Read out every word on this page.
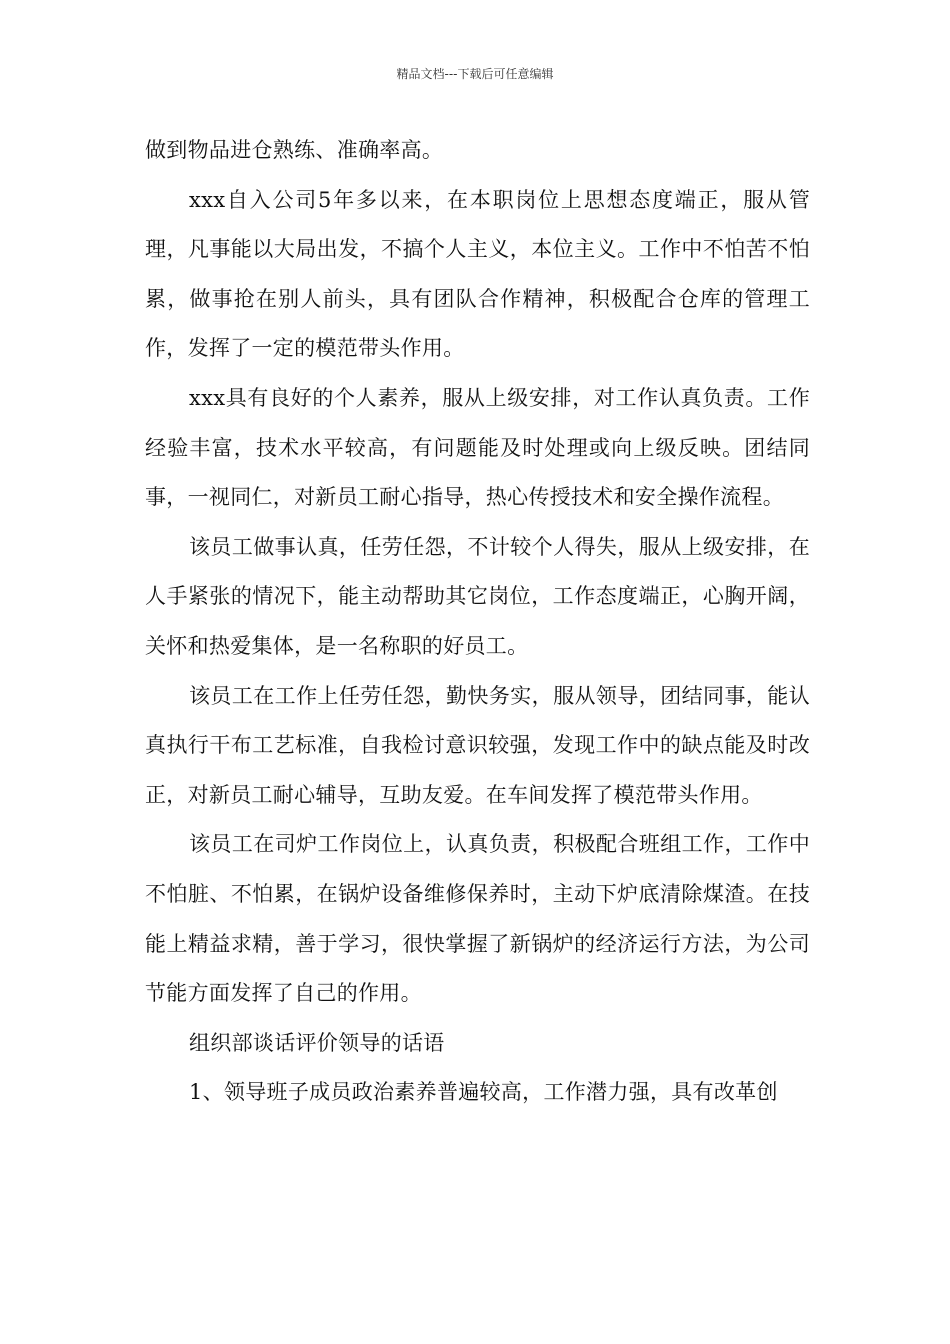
精品文档---下载后可任意编辑

做到物品进仓熟练、准确率高。

xxx自入公司5年多以来，在本职岗位上思想态度端正，服从管理，凡事能以大局出发，不搞个人主义，本位主义。工作中不怕苦不怕累，做事抢在别人前头，具有团队合作精神，积极配合仓库的管理工作，发挥了一定的模范带头作用。

xxx具有良好的个人素养，服从上级安排，对工作认真负责。工作经验丰富，技术水平较高，有问题能及时处理或向上级反映。团结同事，一视同仁，对新员工耐心指导，热心传授技术和安全操作流程。

该员工做事认真，任劳任怨，不计较个人得失，服从上级安排，在人手紧张的情况下，能主动帮助其它岗位，工作态度端正，心胸开阔，关怀和热爱集体，是一名称职的好员工。

该员工在工作上任劳任怨，勤快务实，服从领导，团结同事，能认真执行干布工艺标准，自我检讨意识较强，发现工作中的缺点能及时改正，对新员工耐心辅导，互助友爱。在车间发挥了模范带头作用。

该员工在司炉工作岗位上，认真负责，积极配合班组工作，工作中不怕脏、不怕累，在锅炉设备维修保养时，主动下炉底清除煤渣。在技能上精益求精，善于学习，很快掌握了新锅炉的经济运行方法，为公司节能方面发挥了自己的作用。

组织部谈话评价领导的话语

1、领导班子成员政治素养普遍较高，工作潜力强，具有改革创
